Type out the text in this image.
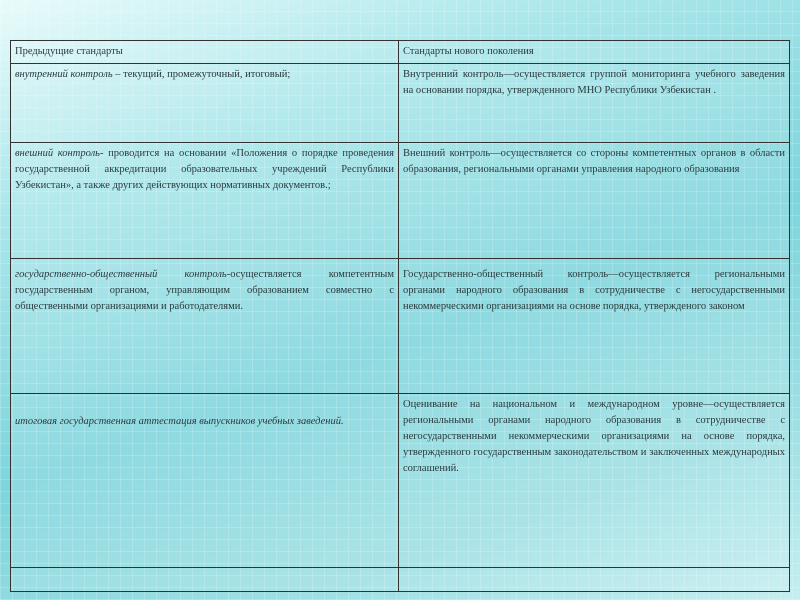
Предыдущие стандарты	Стандарты нового поколения
внутренний контроль – текущий, промежуточный, итоговый;	Внутренний контроль—осуществляется группой мониторинга учебного заведения на основании порядка, утвержденного МНО Республики Узбекистан .
внешний контроль- проводится на основании «Положения о порядке проведения государственной аккредитации образовательных учреждений Республики Узбекистан», а также других действующих нормативных документов.;	Внешний контроль—осуществляется со стороны компетентных органов в области образования, региональными органами управления народного образования
государственно-общественный контроль-осуществляется компетентным государственным органом, управляющим образованием совместно с общественными организациями и работодателями.	Государственно-общественный контроль—осуществляется региональными органами народного образования в сотрудничестве с негосударственными некоммерческими организациями на основе порядка, утвержденого законом
итоговая государственная аттестация выпускников учебных заведений.	Оценивание на национальном и международном уровне—осуществляется региональными органами народного образования в сотрудничестве с негосударственными некоммерческими организациями на основе порядка, утвержденного государственным законодательством и заключенных международных соглашений.
